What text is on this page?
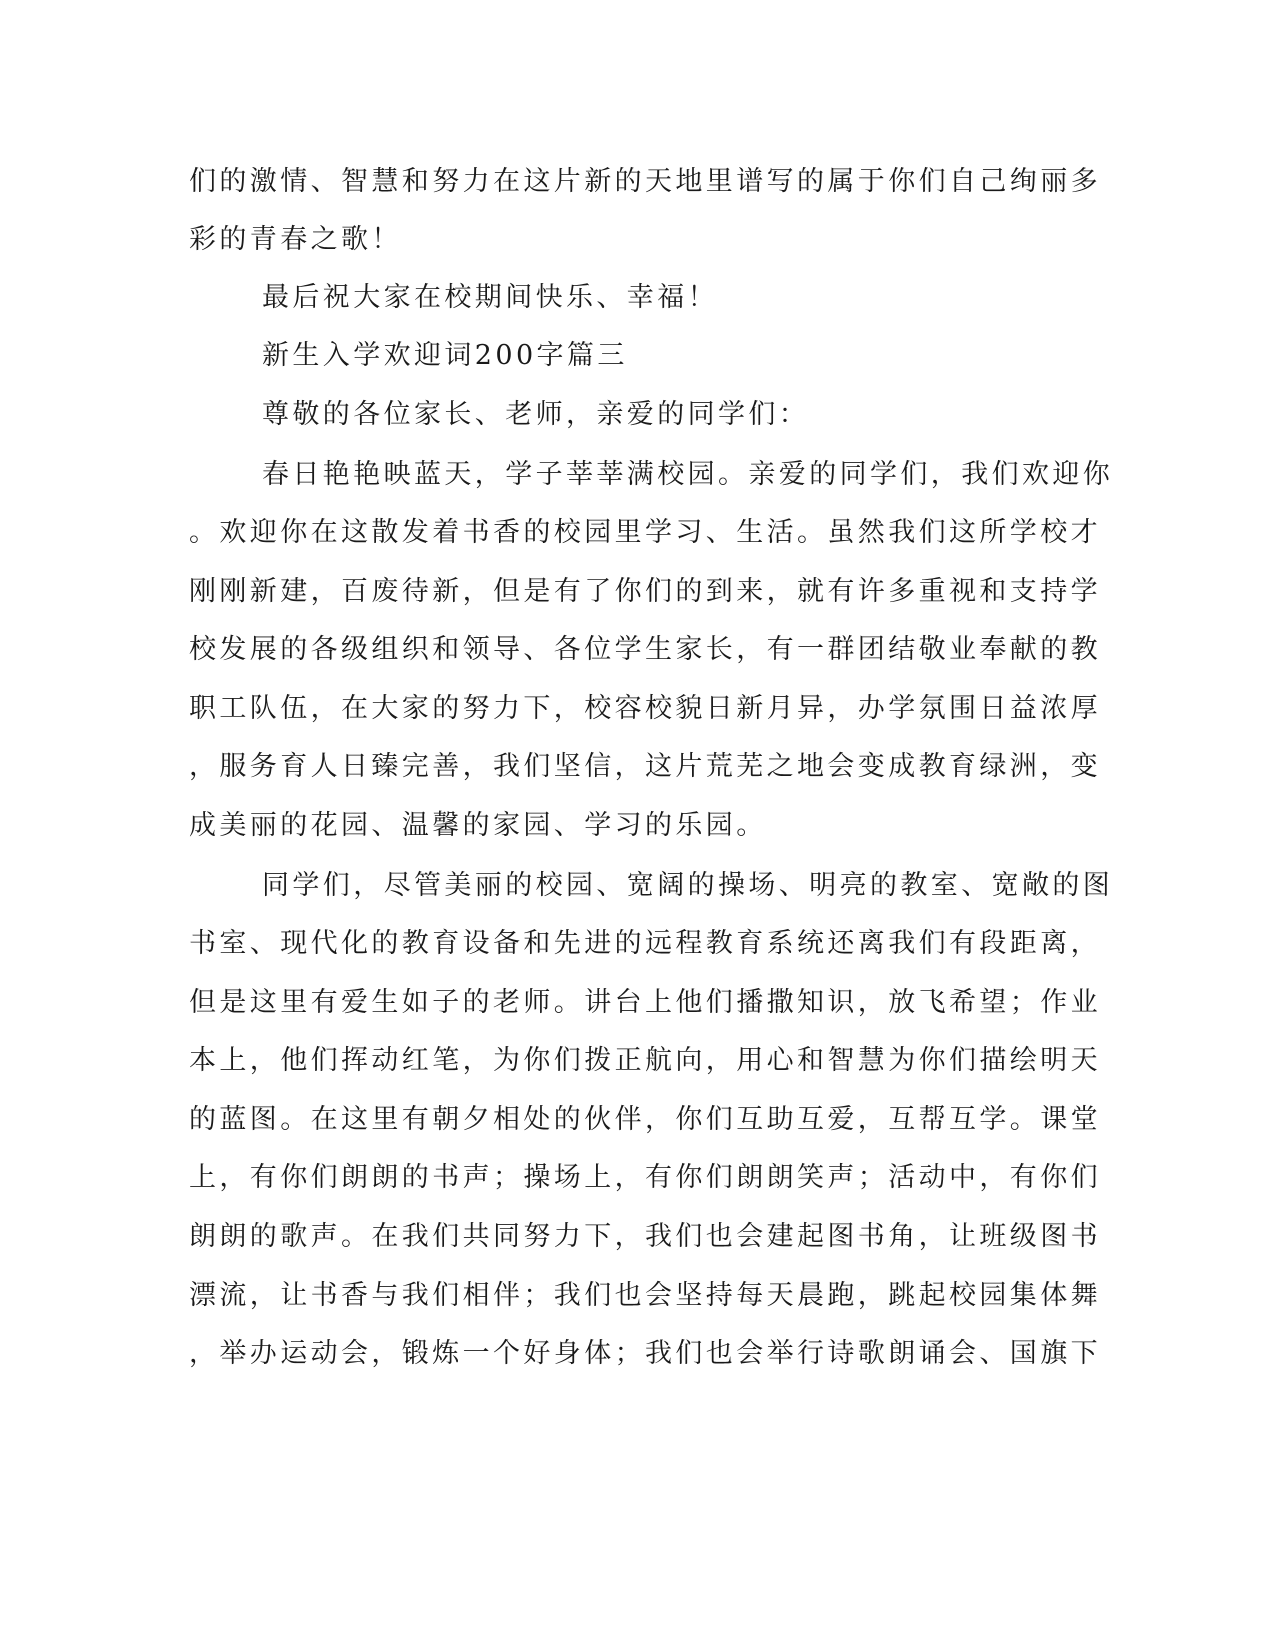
们的激情、智慧和努力在这片新的天地里谱写的属于你们自己绚丽多
彩的青春之歌！
最后祝大家在校期间快乐、幸福！
新生入学欢迎词200字篇三
尊敬的各位家长、老师，亲爱的同学们：
春日艳艳映蓝天，学子莘莘满校园。亲爱的同学们，我们欢迎你
。欢迎你在这散发着书香的校园里学习、生活。虽然我们这所学校才
刚刚新建，百废待新，但是有了你们的到来，就有许多重视和支持学
校发展的各级组织和领导、各位学生家长，有一群团结敬业奉献的教
职工队伍，在大家的努力下，校容校貌日新月异，办学氛围日益浓厚
，服务育人日臻完善，我们坚信，这片荒芜之地会变成教育绿洲，变
成美丽的花园、温馨的家园、学习的乐园。
同学们，尽管美丽的校园、宽阔的操场、明亮的教室、宽敞的图
书室、现代化的教育设备和先进的远程教育系统还离我们有段距离，
但是这里有爱生如子的老师。讲台上他们播撒知识，放飞希望；作业
本上，他们挥动红笔，为你们拨正航向，用心和智慧为你们描绘明天
的蓝图。在这里有朝夕相处的伙伴，你们互助互爱，互帮互学。课堂
上，有你们朗朗的书声；操场上，有你们朗朗笑声；活动中，有你们
朗朗的歌声。在我们共同努力下，我们也会建起图书角，让班级图书
漂流，让书香与我们相伴；我们也会坚持每天晨跑，跳起校园集体舞
，举办运动会，锻炼一个好身体；我们也会举行诗歌朗诵会、国旗下
